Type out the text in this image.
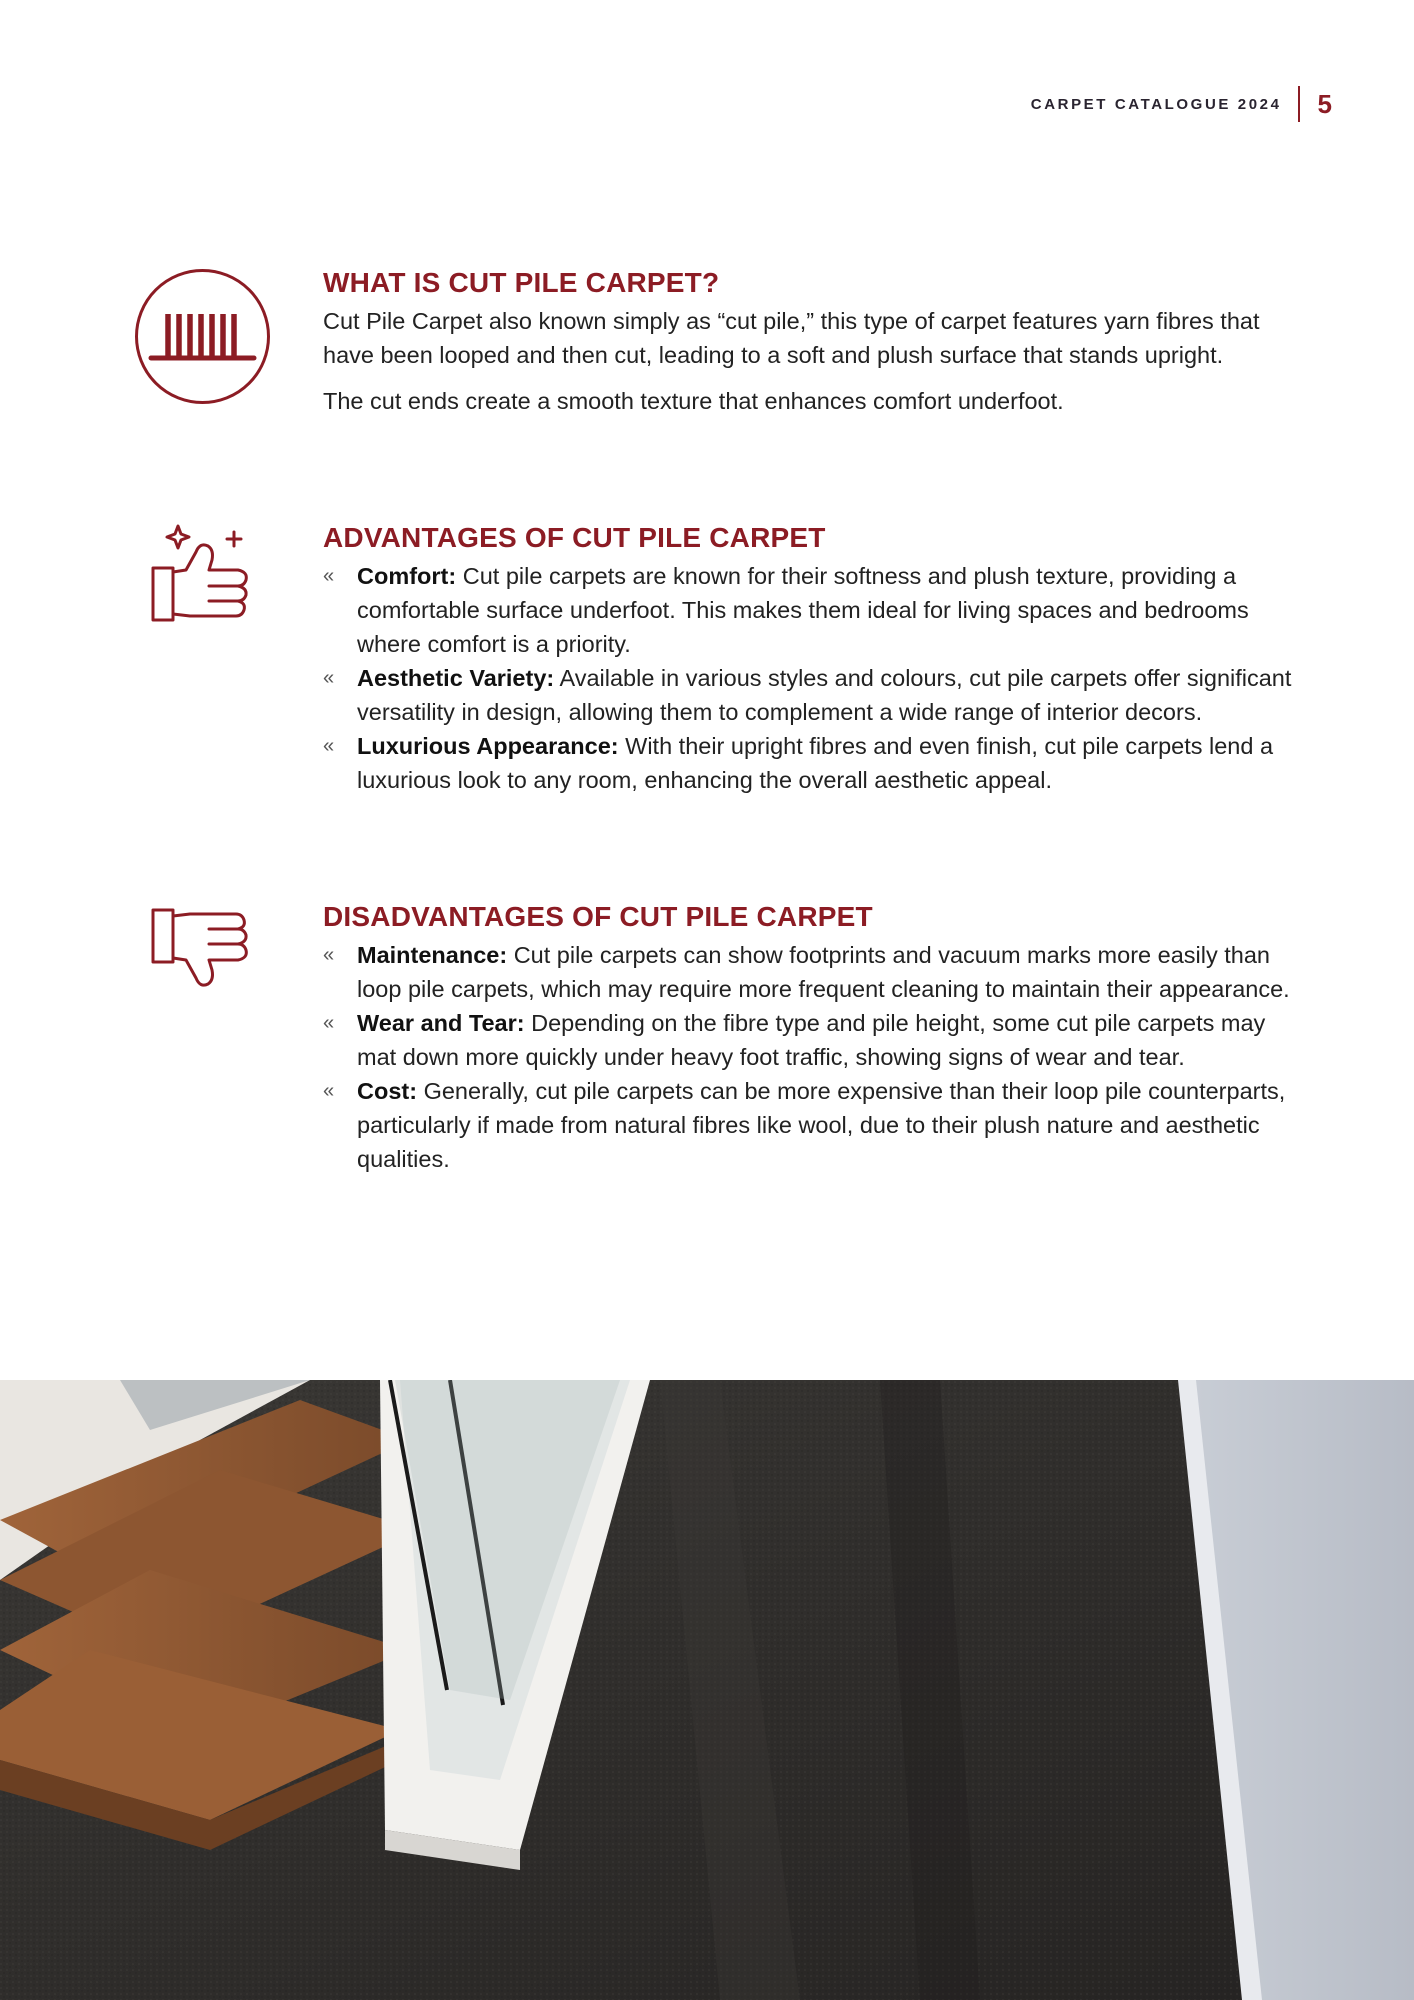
CARPET CATALOGUE 2024 5
WHAT IS CUT PILE CARPET?

Cut Pile Carpet also known simply as “cut pile,” this type of carpet features yarn fibres that have been looped and then cut, leading to a soft and plush surface that stands upright.

The cut ends create a smooth texture that enhances comfort underfoot.

ADVANTAGES OF CUT PILE CARPET
« Comfort: Cut pile carpets are known for their softness and plush texture, providing a comfortable surface underfoot. This makes them ideal for living spaces and bedrooms where comfort is a priority.
« Aesthetic Variety: Available in various styles and colours, cut pile carpets offer significant versatility in design, allowing them to complement a wide range of interior decors.
« Luxurious Appearance: With their upright fibres and even finish, cut pile carpets lend a luxurious look to any room, enhancing the overall aesthetic appeal.
DISADVANTAGES OF CUT PILE CARPET
« Maintenance: Cut pile carpets can show footprints and vacuum marks more easily than loop pile carpets, which may require more frequent cleaning to maintain their appearance.
« Wear and Tear: Depending on the fibre type and pile height, some cut pile carpets may mat down more quickly under heavy foot traffic, showing signs of wear and tear.
« Cost: Generally, cut pile carpets can be more expensive than their loop pile counterparts, particularly if made from natural fibres like wool, due to their plush nature and aesthetic qualities.
